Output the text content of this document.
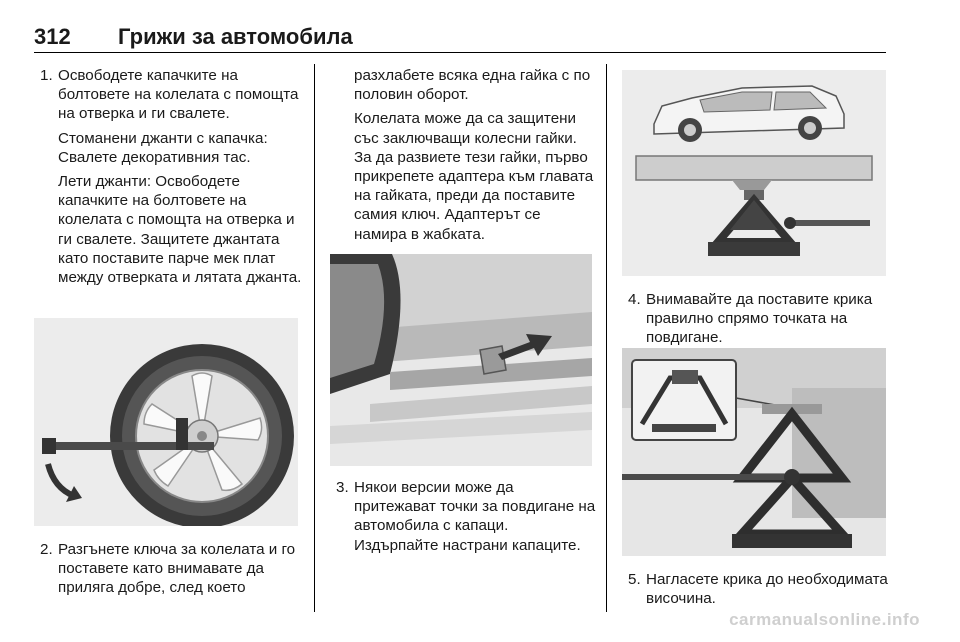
312 Грижи за автомобила
1. Освободете капачките на болтовете на колелата с помощта на отверка и ги свалете.

Стоманени джанти с капачка: Свалете декоративния тас.

Лети джанти: Освободете капачките на болтовете на колелата с помощта на отверка и ги свалете. Защитете джантата като поставите парче мек плат между отверката и лятата джанта.

2. Разгънете ключа за колелата и го поставете като внимавате да приляга добре, след което

разхлабете всяка една гайка с по половин оборот.

Колелата може да са защитени със заключващи колесни гайки. За да развиете тези гайки, първо прикрепете адаптера към главата на гайката, преди да поставите самия ключ. Адаптерът се намира в жабката.

3. Някои версии може да притежават точки за повдигане на автомобила с капаци. Издърпайте настрани капаците.

4. Внимавайте да поставите крика правилно спрямо точката на повдигане.

5. Нагласете крика до необходимата височина.

carmanualsonline.info
